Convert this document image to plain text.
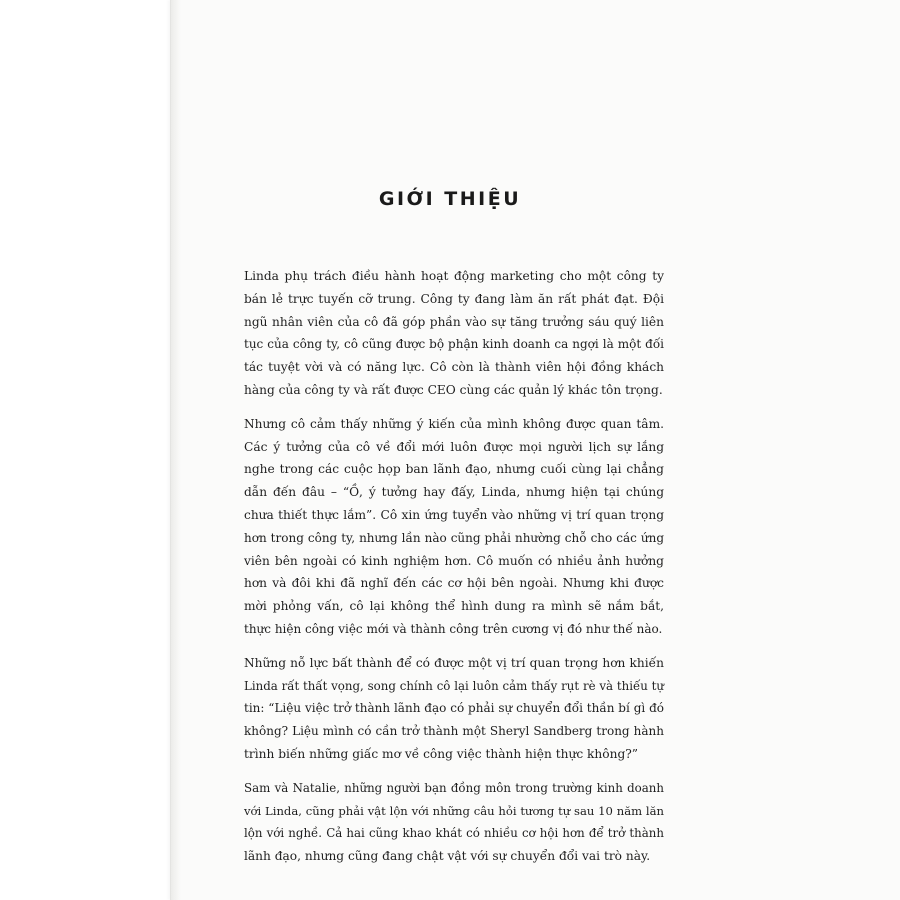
GIỚI THIỆU

Linda phụ trách điều hành hoạt động marketing cho một công ty
bán lẻ trực tuyến cỡ trung. Công ty đang làm ăn rất phát đạt. Đội
ngũ nhân viên của cô đã góp phần vào sự tăng trưởng sáu quý liên
tục của công ty, cô cũng được bộ phận kinh doanh ca ngợi là một đối
tác tuyệt vời và có năng lực. Cô còn là thành viên hội đồng khách
hàng của công ty và rất được CEO cùng các quản lý khác tôn trọng.

Nhưng cô cảm thấy những ý kiến của mình không được quan tâm.
Các ý tưởng của cô về đổi mới luôn được mọi người lịch sự lắng
nghe trong các cuộc họp ban lãnh đạo, nhưng cuối cùng lại chẳng
dẫn đến đâu – “Ồ, ý tưởng hay đấy, Linda, nhưng hiện tại chúng
chưa thiết thực lắm”. Cô xin ứng tuyển vào những vị trí quan trọng
hơn trong công ty, nhưng lần nào cũng phải nhường chỗ cho các ứng
viên bên ngoài có kinh nghiệm hơn. Cô muốn có nhiều ảnh hưởng
hơn và đôi khi đã nghĩ đến các cơ hội bên ngoài. Nhưng khi được
mời phỏng vấn, cô lại không thể hình dung ra mình sẽ nắm bắt,
thực hiện công việc mới và thành công trên cương vị đó như thế nào.

Những nỗ lực bất thành để có được một vị trí quan trọng hơn khiến
Linda rất thất vọng, song chính cô lại luôn cảm thấy rụt rè và thiếu tự
tin: “Liệu việc trở thành lãnh đạo có phải sự chuyển đổi thần bí gì đó
không? Liệu mình có cần trở thành một Sheryl Sandberg trong hành
trình biến những giấc mơ về công việc thành hiện thực không?”

Sam và Natalie, những người bạn đồng môn trong trường kinh doanh
với Linda, cũng phải vật lộn với những câu hỏi tương tự sau 10 năm lăn
lộn với nghề. Cả hai cũng khao khát có nhiều cơ hội hơn để trở thành
lãnh đạo, nhưng cũng đang chật vật với sự chuyển đổi vai trò này.
